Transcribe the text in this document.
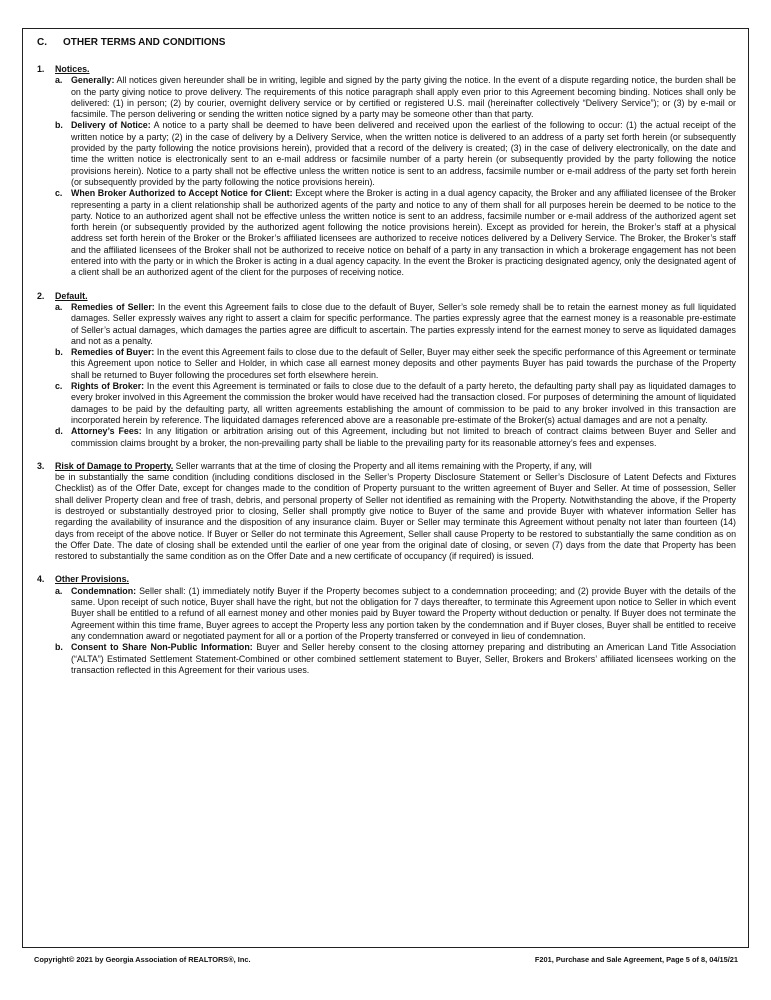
C. OTHER TERMS AND CONDITIONS
1.	Notices.
a. Generally: All notices given hereunder shall be in writing, legible and signed by the party giving the notice. In the event of a dispute regarding notice, the burden shall be on the party giving notice to prove delivery. The requirements of this notice paragraph shall apply even prior to this Agreement becoming binding. Notices shall only be delivered: (1) in person; (2) by courier, overnight delivery service or by certified or registered U.S. mail (hereinafter collectively “Delivery Service”); or (3) by e-mail or facsimile. The person delivering or sending the written notice signed by a party may be someone other than that party.
b. Delivery of Notice: A notice to a party shall be deemed to have been delivered and received upon the earliest of the following to occur: (1) the actual receipt of the written notice by a party; (2) in the case of delivery by a Delivery Service, when the written notice is delivered to an address of a party set forth herein (or subsequently provided by the party following the notice provisions herein), provided that a record of the delivery is created; (3) in the case of delivery electronically, on the date and time the written notice is electronically sent to an e-mail address or facsimile number of a party herein (or subsequently provided by the party following the notice provisions herein). Notice to a party shall not be effective unless the written notice is sent to an address, facsimile number or e-mail address of the party set forth herein (or subsequently provided by the party following the notice provisions herein).
c. When Broker Authorized to Accept Notice for Client: Except where the Broker is acting in a dual agency capacity, the Broker and any affiliated licensee of the Broker representing a party in a client relationship shall be authorized agents of the party and notice to any of them shall for all purposes herein be deemed to be notice to the party. Notice to an authorized agent shall not be effective unless the written notice is sent to an address, facsimile number or e-mail address of the authorized agent set forth herein (or subsequently provided by the authorized agent following the notice provisions herein). Except as provided for herein, the Broker’s staff at a physical address set forth herein of the Broker or the Broker’s affiliated licensees are authorized to receive notices delivered by a Delivery Service. The Broker, the Broker’s staff and the affiliated licensees of the Broker shall not be authorized to receive notice on behalf of a party in any transaction in which a brokerage engagement has not been entered into with the party or in which the Broker is acting in a dual agency capacity. In the event the Broker is practicing designated agency, only the designated agent of a client shall be an authorized agent of the client for the purposes of receiving notice.
2.	Default.
a. Remedies of Seller: In the event this Agreement fails to close due to the default of Buyer, Seller’s sole remedy shall be to retain the earnest money as full liquidated damages. Seller expressly waives any right to assert a claim for specific performance. The parties expressly agree that the earnest money is a reasonable pre-estimate of Seller’s actual damages, which damages the parties agree are difficult to ascertain. The parties expressly intend for the earnest money to serve as liquidated damages and not as a penalty.
b. Remedies of Buyer: In the event this Agreement fails to close due to the default of Seller, Buyer may either seek the specific performance of this Agreement or terminate this Agreement upon notice to Seller and Holder, in which case all earnest money deposits and other payments Buyer has paid towards the purchase of the Property shall be returned to Buyer following the procedures set forth elsewhere herein.
c. Rights of Broker: In the event this Agreement is terminated or fails to close due to the default of a party hereto, the defaulting party shall pay as liquidated damages to every broker involved in this Agreement the commission the broker would have received had the transaction closed. For purposes of determining the amount of liquidated damages to be paid by the defaulting party, all written agreements establishing the amount of commission to be paid to any broker involved in this transaction are incorporated herein by reference. The liquidated damages referenced above are a reasonable pre-estimate of the Broker(s) actual damages and are not a penalty.
d. Attorney’s Fees: In any litigation or arbitration arising out of this Agreement, including but not limited to breach of contract claims between Buyer and Seller and commission claims brought by a broker, the non-prevailing party shall be liable to the prevailing party for its reasonable attorney’s fees and expenses.
3.	Risk of Damage to Property. Seller warrants that at the time of closing the Property and all items remaining with the Property, if any, will
be in substantially the same condition (including conditions disclosed in the Seller’s Property Disclosure Statement or Seller’s Disclosure of Latent Defects and Fixtures Checklist) as of the Offer Date, except for changes made to the condition of Property pursuant to the written agreement of Buyer and Seller. At time of possession, Seller shall deliver Property clean and free of trash, debris, and personal property of Seller not identified as remaining with the Property. Notwithstanding the above, if the Property is destroyed or substantially destroyed prior to closing, Seller shall promptly give notice to Buyer of the same and provide Buyer with whatever information Seller has regarding the availability of insurance and the disposition of any insurance claim. Buyer or Seller may terminate this Agreement without penalty not later than fourteen (14) days from receipt of the above notice. If Buyer or Seller do not terminate this Agreement, Seller shall cause Property to be restored to substantially the same condition as on the Offer Date. The date of closing shall be extended until the earlier of one year from the original date of closing, or seven (7) days from the date that Property has been restored to substantially the same condition as on the Offer Date and a new certificate of occupancy (if required) is issued.
4.	Other Provisions.
a. Condemnation: Seller shall: (1) immediately notify Buyer if the Property becomes subject to a condemnation proceeding; and (2) provide Buyer with the details of the same. Upon receipt of such notice, Buyer shall have the right, but not the obligation for 7 days thereafter, to terminate this Agreement upon notice to Seller in which event Buyer shall be entitled to a refund of all earnest money and other monies paid by Buyer toward the Property without deduction or penalty. If Buyer does not terminate the Agreement within this time frame, Buyer agrees to accept the Property less any portion taken by the condemnation and if Buyer closes, Buyer shall be entitled to receive any condemnation award or negotiated payment for all or a portion of the Property transferred or conveyed in lieu of condemnation.
b. Consent to Share Non-Public Information: Buyer and Seller hereby consent to the closing attorney preparing and distributing an American Land Title Association (“ALTA”) Estimated Settlement Statement-Combined or other combined settlement statement to Buyer, Seller, Brokers and Brokers’ affiliated licensees working on the transaction reflected in this Agreement for their various uses.
Copyright© 2021 by Georgia Association of REALTORS®, Inc.	F201, Purchase and Sale Agreement, Page 5 of 8, 04/15/21
